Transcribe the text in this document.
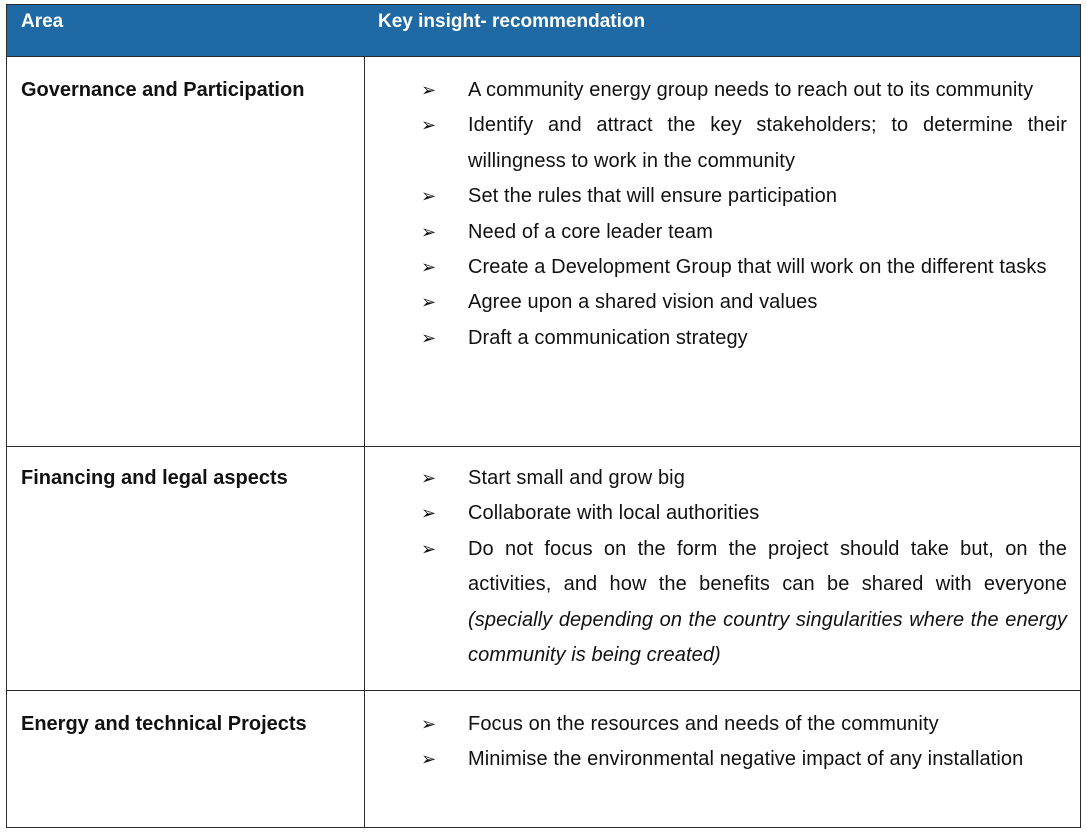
Area	Key insight- recommendation
Governance and Participation	➢ A community energy group needs to reach out to its community
➢ Identify and attract the key stakeholders; to determine their willingness to work in the community
➢ Set the rules that will ensure participation
➢ Need of a core leader team
➢ Create a Development Group that will work on the different tasks
➢ Agree upon a shared vision and values
➢ Draft a communication strategy
Financing and legal aspects	➢ Start small and grow big
➢ Collaborate with local authorities
➢ Do not focus on the form the project should take but, on the activities, and how the benefits can be shared with everyone (specially depending on the country singularities where the energy community is being created)
Energy and technical Projects	➢ Focus on the resources and needs of the community
➢ Minimise the environmental negative impact of any installation
